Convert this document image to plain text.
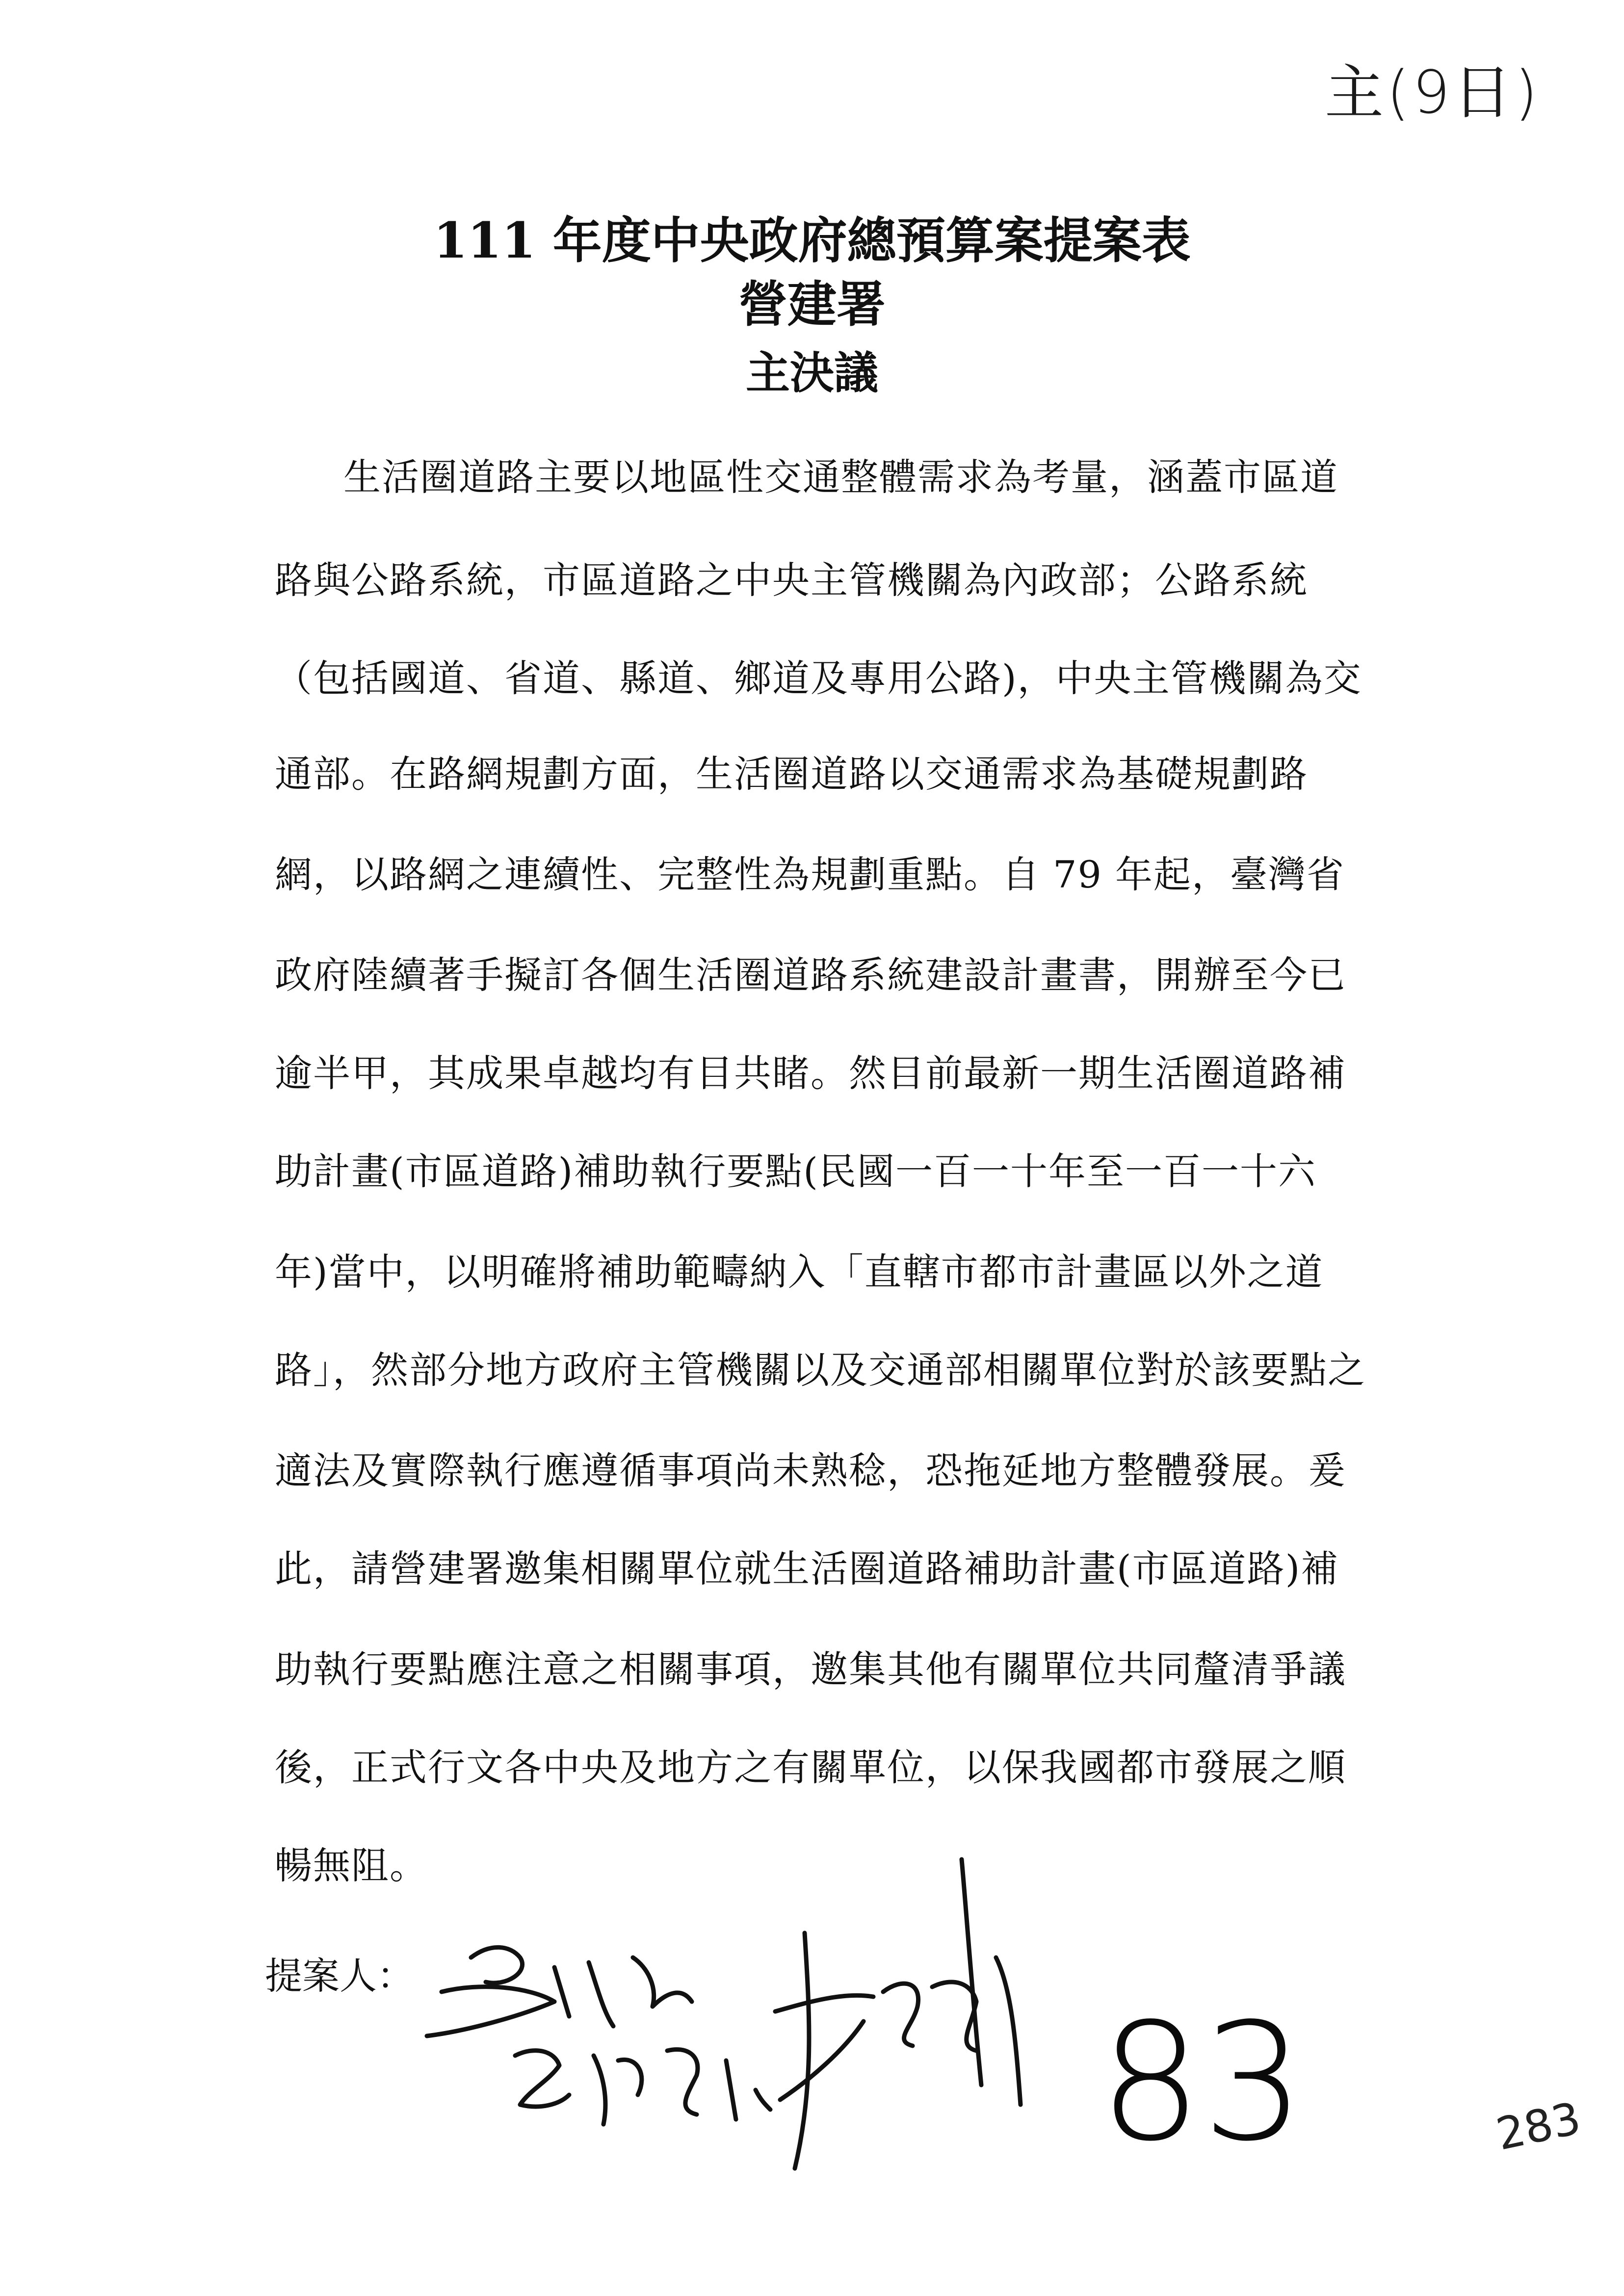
主(9日)
111 年度中央政府總預算案提案表
營建署
主決議
生活圈道路主要以地區性交通整體需求為考量，涵蓋市區道
路與公路系統，市區道路之中央主管機關為內政部；公路系統
（包括國道、省道、縣道、鄉道及專用公路)，中央主管機關為交
通部。在路網規劃方面，生活圈道路以交通需求為基礎規劃路
網，以路網之連續性、完整性為規劃重點。自 79 年起，臺灣省
政府陸續著手擬訂各個生活圈道路系統建設計畫書，開辦至今已
逾半甲，其成果卓越均有目共睹。然目前最新一期生活圈道路補
助計畫(市區道路)補助執行要點(民國一百一十年至一百一十六
年)當中，以明確將補助範疇納入「直轄市都市計畫區以外之道
路」，然部分地方政府主管機關以及交通部相關單位對於該要點之
適法及實際執行應遵循事項尚未熟稔，恐拖延地方整體發展。爰
此，請營建署邀集相關單位就生活圈道路補助計畫(市區道路)補
助執行要點應注意之相關事項，邀集其他有關單位共同釐清爭議
後，正式行文各中央及地方之有關單位，以保我國都市發展之順
暢無阻。
提案人：
83	283
